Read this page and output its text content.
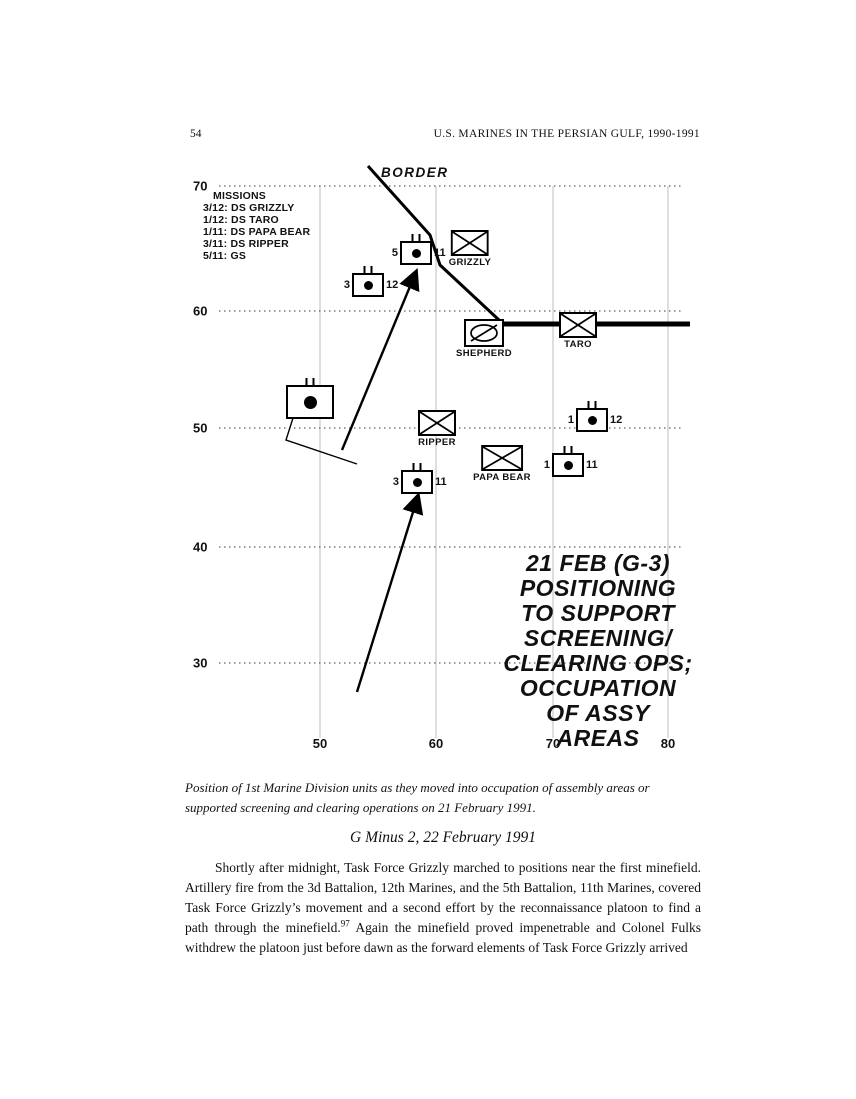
54	U.S. MARINES IN THE PERSIAN GULF, 1990-1991
BORDER
MISSIONS
3/12: DS GRIZZLY
1/12: DS TARO
1/11: DS PAPA BEAR
3/11: DS RIPPER
5/11: GS
70
60
50
40
30
50	60	70	80
5	11
3	12
1	12
3	11
1	11
GRIZZLY
SHEPHERD
TARO
RIPPER
PAPA BEAR
21 FEB (G-3)
POSITIONING
TO SUPPORT
SCREENING/
CLEARING OPS;
OCCUPATION
OF ASSY AREAS

Position of 1st Marine Division units as they moved into occupation of assembly areas or supported screening and clearing operations on 21 February 1991.

G Minus 2, 22 February 1991

Shortly after midnight, Task Force Grizzly marched to positions near the first minefield. Artillery fire from the 3d Battalion, 12th Marines, and the 5th Battalion, 11th Marines, covered Task Force Grizzly’s movement and a second effort by the reconnaissance platoon to find a path through the minefield.$^{97}$ Again the minefield proved impenetrable and Colonel Fulks withdrew the platoon just before dawn as the forward elements of Task Force Grizzly arrived
